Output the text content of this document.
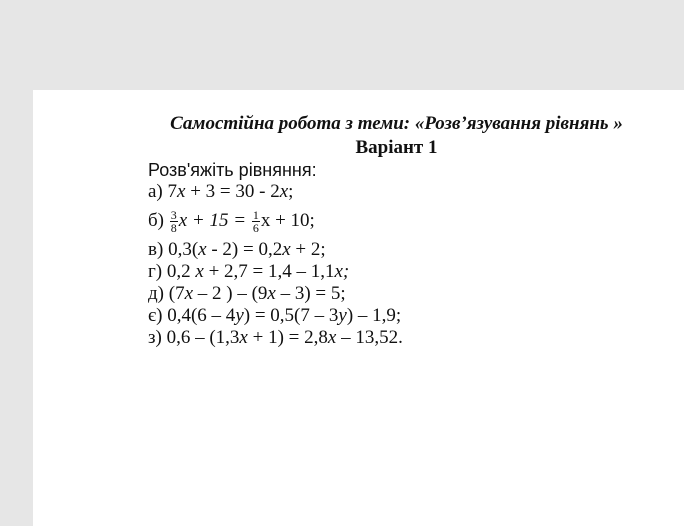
Самостійна робота з теми: «Розв’язування рівнянь »
Варіант 1
Розв'яжіть рівняння:
а) 7x + 3 = 30 - 2x;
$б) \frac{3}{8}$ $x + 15 = \frac{1}{6}$ x + 10;
в) 0,3(x - 2) = 0,2x + 2;
г) 0,2 x + 2,7 = 1,4 – 1,1x;
д) (7x – 2 ) – (9x – 3) = 5;
є) 0,4(6 – 4y) = 0,5(7 – 3y) – 1,9;
з) 0,6 – (1,3x + 1) = 2,8x – 13,52.
